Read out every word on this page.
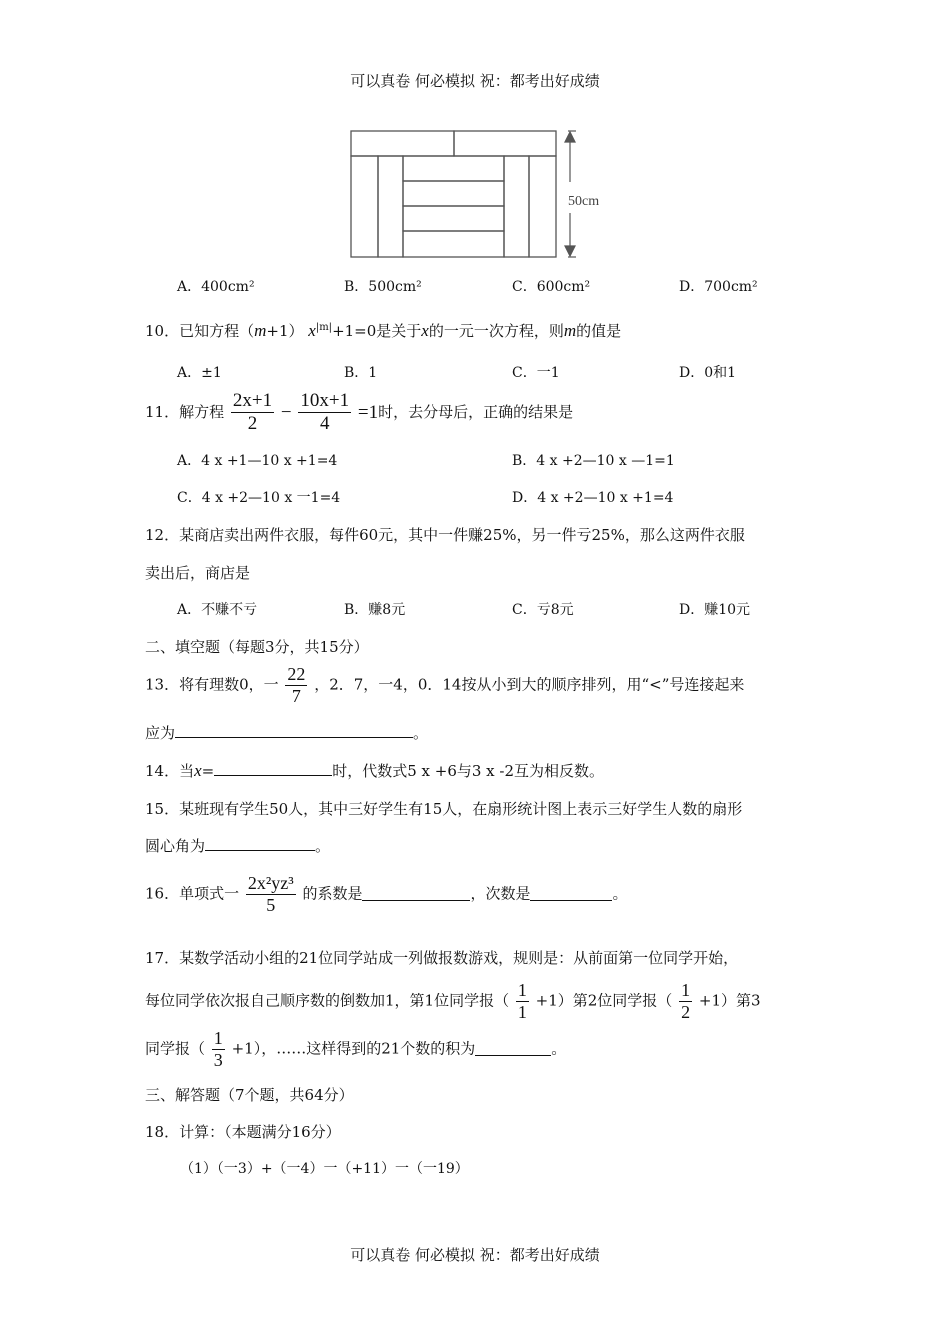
可以真卷 何必模拟 祝：都考出好成绩
50cm
A．400cm²	B．500cm²	C．600cm²	D．700cm²
10．已知方程（m+1） $x^{|m|}+1=0$是关于x的一元一次方程，则m的值是
A．±1	B．1	C．一1	D．0和1
11．解方程 $\frac{2x+1}{2} - \frac{10x+1}{4} =1$时，去分母后，正确的结果是
A．4 x +1—10 x +1=4	B．4 x +2—10 x —1=1
C．4 x +2—10 x 一1=4	D．4 x +2—10 x +1=4
12．某商店卖出两件衣服，每件60元，其中一件赚25%，另一件亏25%，那么这两件衣服
卖出后，商店是
A．不赚不亏	B．赚8元	C．亏8元	D．赚10元
二、填空题（每题3分，共15分）
13．将有理数0，一 $\frac{22}{7}$ ，2．7，一4，0．14按从小到大的顺序排列，用“<”号连接起来
应为	。
14．当x=	时，代数式5 x +6与3 x -2互为相反数。
15．某班现有学生50人，其中三好学生有15人，在扇形统计图上表示三好学生人数的扇形
圆心角为	。
16．单项式一 $\frac{\text{2x²yz³}}{5}$ 的系数是	，次数是	。
17．某数学活动小组的21位同学站成一列做报数游戏，规则是：从前面第一位同学开始，
每位同学依次报自己顺序数的倒数加1，第1位同学报（ $\frac{1}{1} +1$）第2位同学报（ $\frac{1}{2} +1$）第3
同学报（ $\frac{1}{3} +1$），……这样得到的21个数的积为	。
三、解答题（7个题，共64分）
18．计算：（本题满分16分）
（1）（一3）+（一4）一（+11）一（一19）
可以真卷 何必模拟 祝：都考出好成绩
